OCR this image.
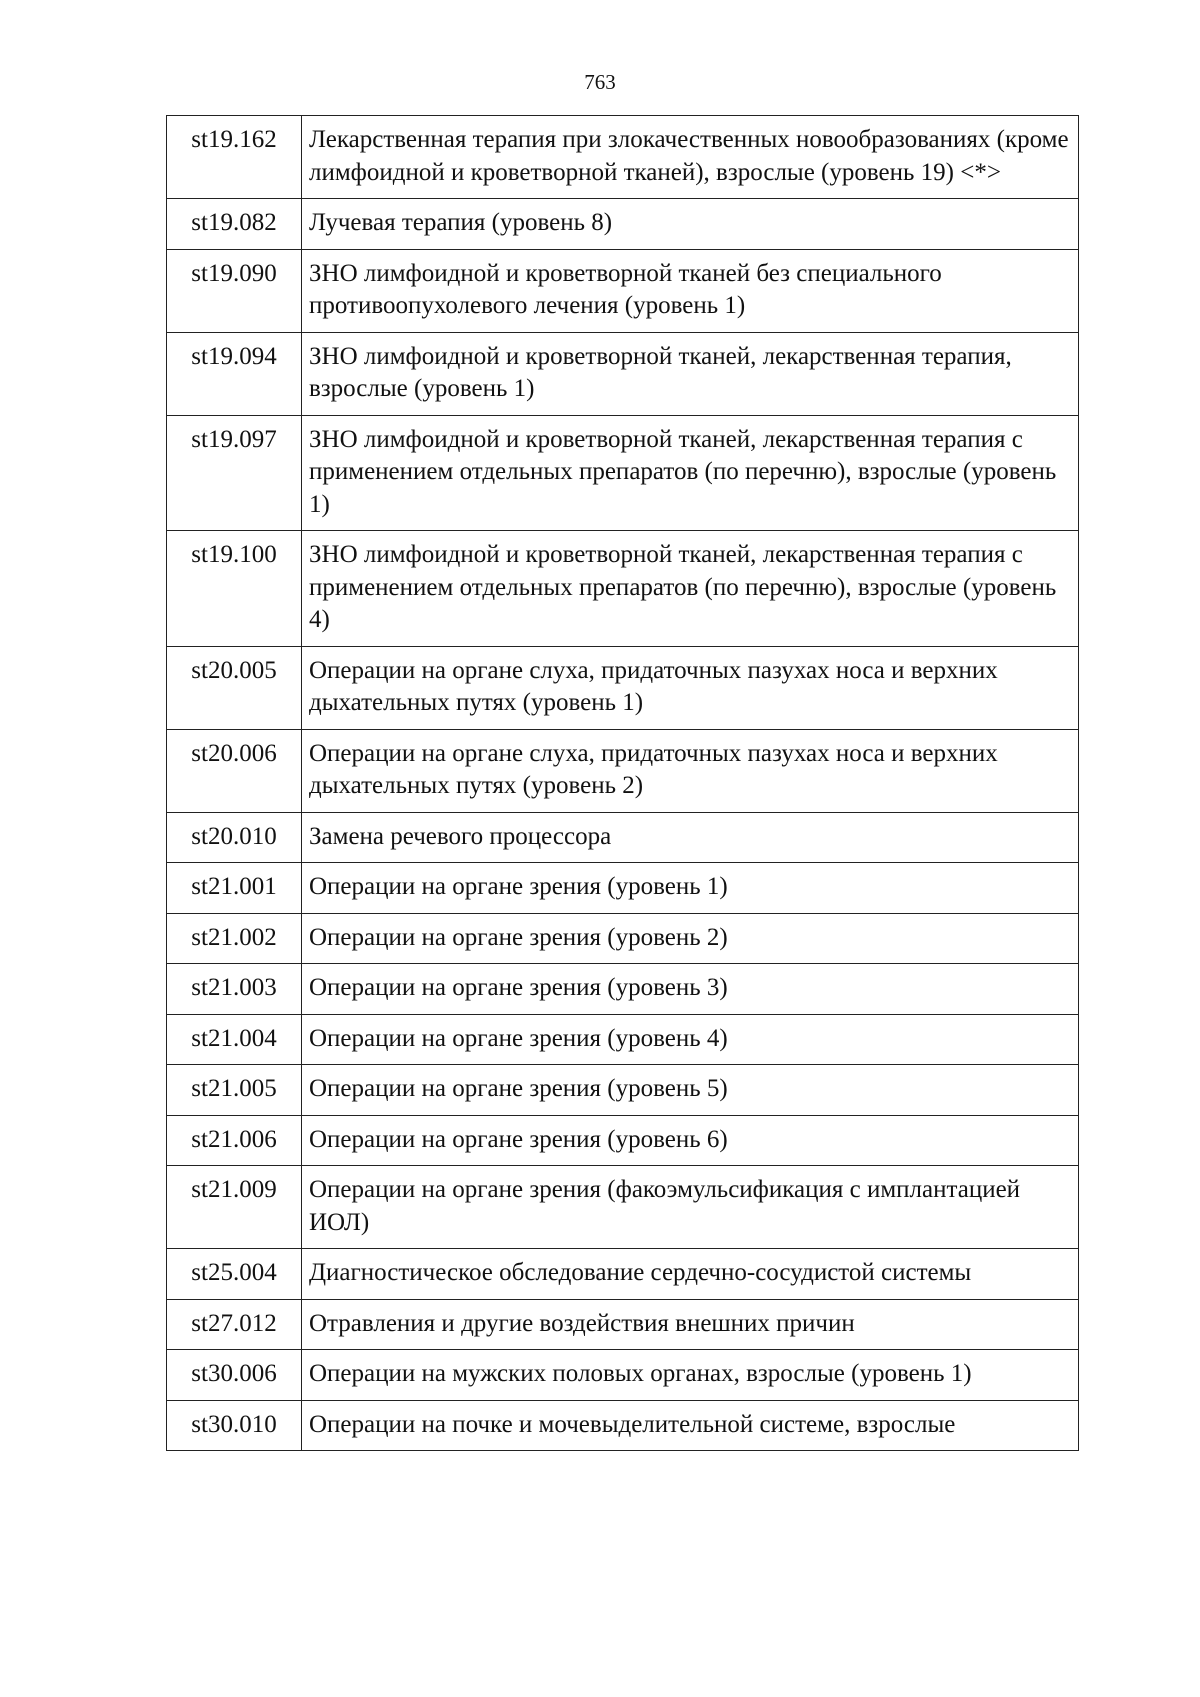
763
st19.162	Лекарственная терапия при злокачественных новообразованиях (кроме лимфоидной и кроветворной тканей), взрослые (уровень 19) <*>
st19.082	Лучевая терапия (уровень 8)
st19.090	ЗНО лимфоидной и кроветворной тканей без специального противоопухолевого лечения (уровень 1)
st19.094	ЗНО лимфоидной и кроветворной тканей, лекарственная терапия, взрослые (уровень 1)
st19.097	ЗНО лимфоидной и кроветворной тканей, лекарственная терапия с применением отдельных препаратов (по перечню), взрослые (уровень 1)
st19.100	ЗНО лимфоидной и кроветворной тканей, лекарственная терапия с применением отдельных препаратов (по перечню), взрослые (уровень 4)
st20.005	Операции на органе слуха, придаточных пазухах носа и верхних дыхательных путях (уровень 1)
st20.006	Операции на органе слуха, придаточных пазухах носа и верхних дыхательных путях (уровень 2)
st20.010	Замена речевого процессора
st21.001	Операции на органе зрения (уровень 1)
st21.002	Операции на органе зрения (уровень 2)
st21.003	Операции на органе зрения (уровень 3)
st21.004	Операции на органе зрения (уровень 4)
st21.005	Операции на органе зрения (уровень 5)
st21.006	Операции на органе зрения (уровень 6)
st21.009	Операции на органе зрения (факоэмульсификация с имплантацией ИОЛ)
st25.004	Диагностическое обследование сердечно-сосудистой системы
st27.012	Отравления и другие воздействия внешних причин
st30.006	Операции на мужских половых органах, взрослые (уровень 1)
st30.010	Операции на почке и мочевыделительной системе, взрослые
